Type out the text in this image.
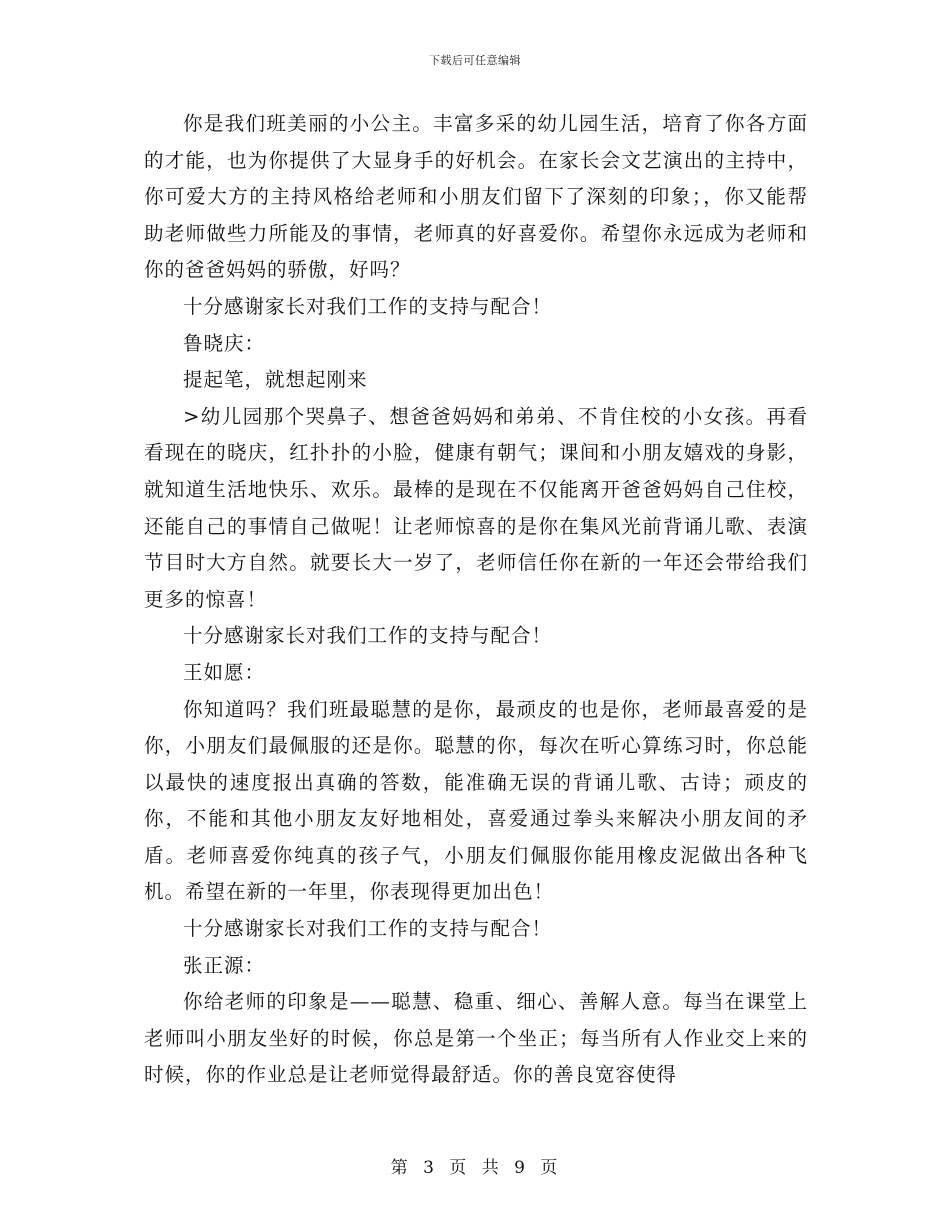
下载后可任意编辑

你是我们班美丽的小公主。丰富多采的幼儿园生活，培育了你各方面的才能，也为你提供了大显身手的好机会。在家长会文艺演出的主持中，你可爱大方的主持风格给老师和小朋友们留下了深刻的印象；，你又能帮助老师做些力所能及的事情，老师真的好喜爱你。希望你永远成为老师和你的爸爸妈妈的骄傲，好吗？

十分感谢家长对我们工作的支持与配合！

鲁晓庆：

提起笔，就想起刚来

>幼儿园那个哭鼻子、想爸爸妈妈和弟弟、不肯住校的小女孩。再看看现在的晓庆，红扑扑的小脸，健康有朝气；课间和小朋友嬉戏的身影，就知道生活地快乐、欢乐。最棒的是现在不仅能离开爸爸妈妈自己住校，还能自己的事情自己做呢！让老师惊喜的是你在集风光前背诵儿歌、表演节目时大方自然。就要长大一岁了，老师信任你在新的一年还会带给我们更多的惊喜！

十分感谢家长对我们工作的支持与配合！

王如愿：

你知道吗？我们班最聪慧的是你，最顽皮的也是你，老师最喜爱的是你，小朋友们最佩服的还是你。聪慧的你，每次在听心算练习时，你总能以最快的速度报出真确的答数，能准确无误的背诵儿歌、古诗；顽皮的你，不能和其他小朋友友好地相处，喜爱通过拳头来解决小朋友间的矛盾。老师喜爱你纯真的孩子气，小朋友们佩服你能用橡皮泥做出各种飞机。希望在新的一年里，你表现得更加出色！

十分感谢家长对我们工作的支持与配合！

张正源：

你给老师的印象是——聪慧、稳重、细心、善解人意。每当在课堂上老师叫小朋友坐好的时候，你总是第一个坐正；每当所有人作业交上来的时候，你的作业总是让老师觉得最舒适。你的善良宽容使得

第 3 页 共 9 页
